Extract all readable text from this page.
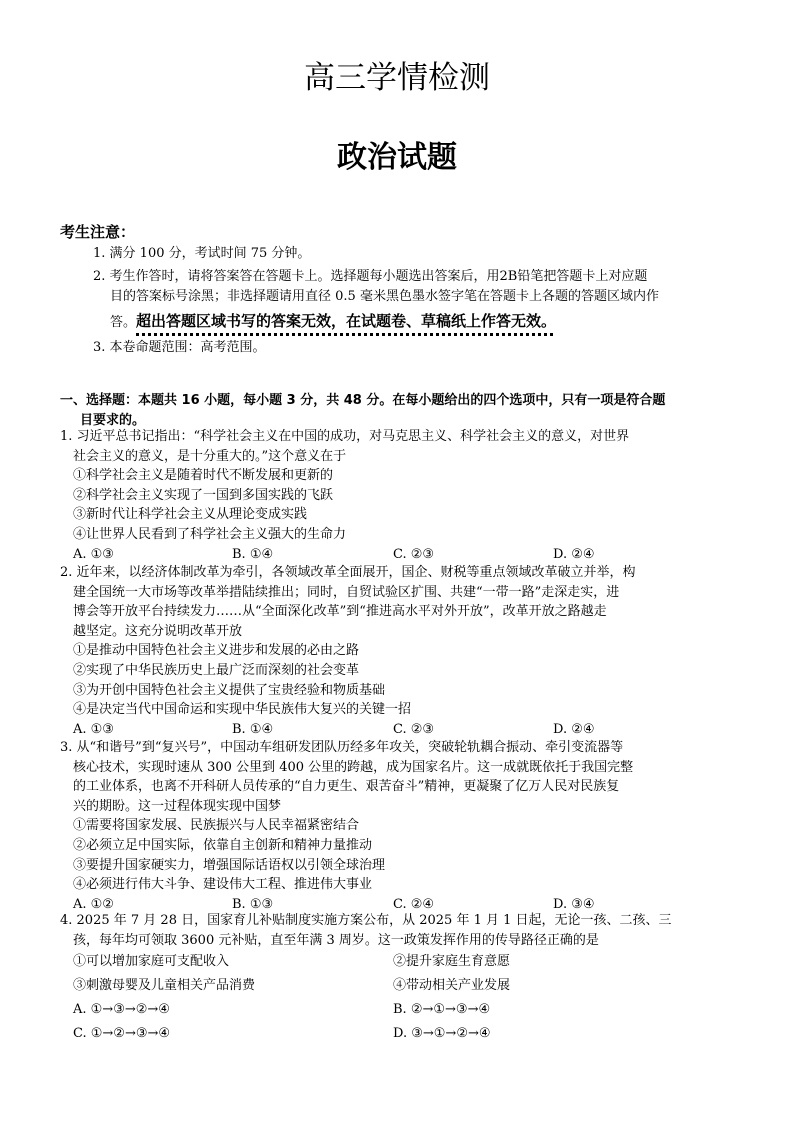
高三学情检测
政治试题
考生注意：
1. 满分 100 分，考试时间 75 分钟。
2. 考生作答时，请将答案答在答题卡上。选择题每小题选出答案后，用2B铅笔把答题卡上对应题
目的答案标号涂黑；非选择题请用直径 0.5 毫米黑色墨水签字笔在答题卡上各题的答题区域内作
答。超出答题区域书写的答案无效，在试题卷、草稿纸上作答无效。
3. 本卷命题范围：高考范围。
一、选择题：本题共 16 小题，每小题 3 分，共 48 分。在每小题给出的四个选项中，只有一项是符合题
目要求的。
1. 习近平总书记指出：“科学社会主义在中国的成功，对马克思主义、科学社会主义的意义，对世界
社会主义的意义，是十分重大的。”这个意义在于
①科学社会主义是随着时代不断发展和更新的
②科学社会主义实现了一国到多国实践的飞跃
③新时代让科学社会主义从理论变成实践
④让世界人民看到了科学社会主义强大的生命力
A. ①③	B. ①④	C. ②③	D. ②④
2. 近年来，以经济体制改革为牵引，各领域改革全面展开，国企、财税等重点领域改革破立并举，构
建全国统一大市场等改革举措陆续推出；同时，自贸试验区扩围、共建“一带一路”走深走实，进
博会等开放平台持续发力……从“全面深化改革”到“推进高水平对外开放”，改革开放之路越走
越坚定。这充分说明改革开放
①是推动中国特色社会主义进步和发展的必由之路
②实现了中华民族历史上最广泛而深刻的社会变革
③为开创中国特色社会主义提供了宝贵经验和物质基础
④是决定当代中国命运和实现中华民族伟大复兴的关键一招
A. ①③	B. ①④	C. ②③	D. ②④
3. 从“和谐号”到“复兴号”，中国动车组研发团队历经多年攻关，突破轮轨耦合振动、牵引变流器等
核心技术，实现时速从 300 公里到 400 公里的跨越，成为国家名片。这一成就既依托于我国完整
的工业体系，也离不开科研人员传承的“自力更生、艰苦奋斗”精神，更凝聚了亿万人民对民族复
兴的期盼。这一过程体现实现中国梦
①需要将国家发展、民族振兴与人民幸福紧密结合
②必须立足中国实际，依靠自主创新和精神力量推动
③要提升国家硬实力，增强国际话语权以引领全球治理
④必须进行伟大斗争、建设伟大工程、推进伟大事业
A. ①②	B. ①③	C. ②④	D. ③④
4. 2025 年 7 月 28 日，国家育儿补贴制度实施方案公布，从 2025 年 1 月 1 日起，无论一孩、二孩、三
孩，每年均可领取 3600 元补贴，直至年满 3 周岁。这一政策发挥作用的传导路径正确的是
①可以增加家庭可支配收入	②提升家庭生育意愿
③刺激母婴及儿童相关产品消费	④带动相关产业发展
A. ①→③→②→④	B. ②→①→③→④
C. ①→②→③→④	D. ③→①→②→④
